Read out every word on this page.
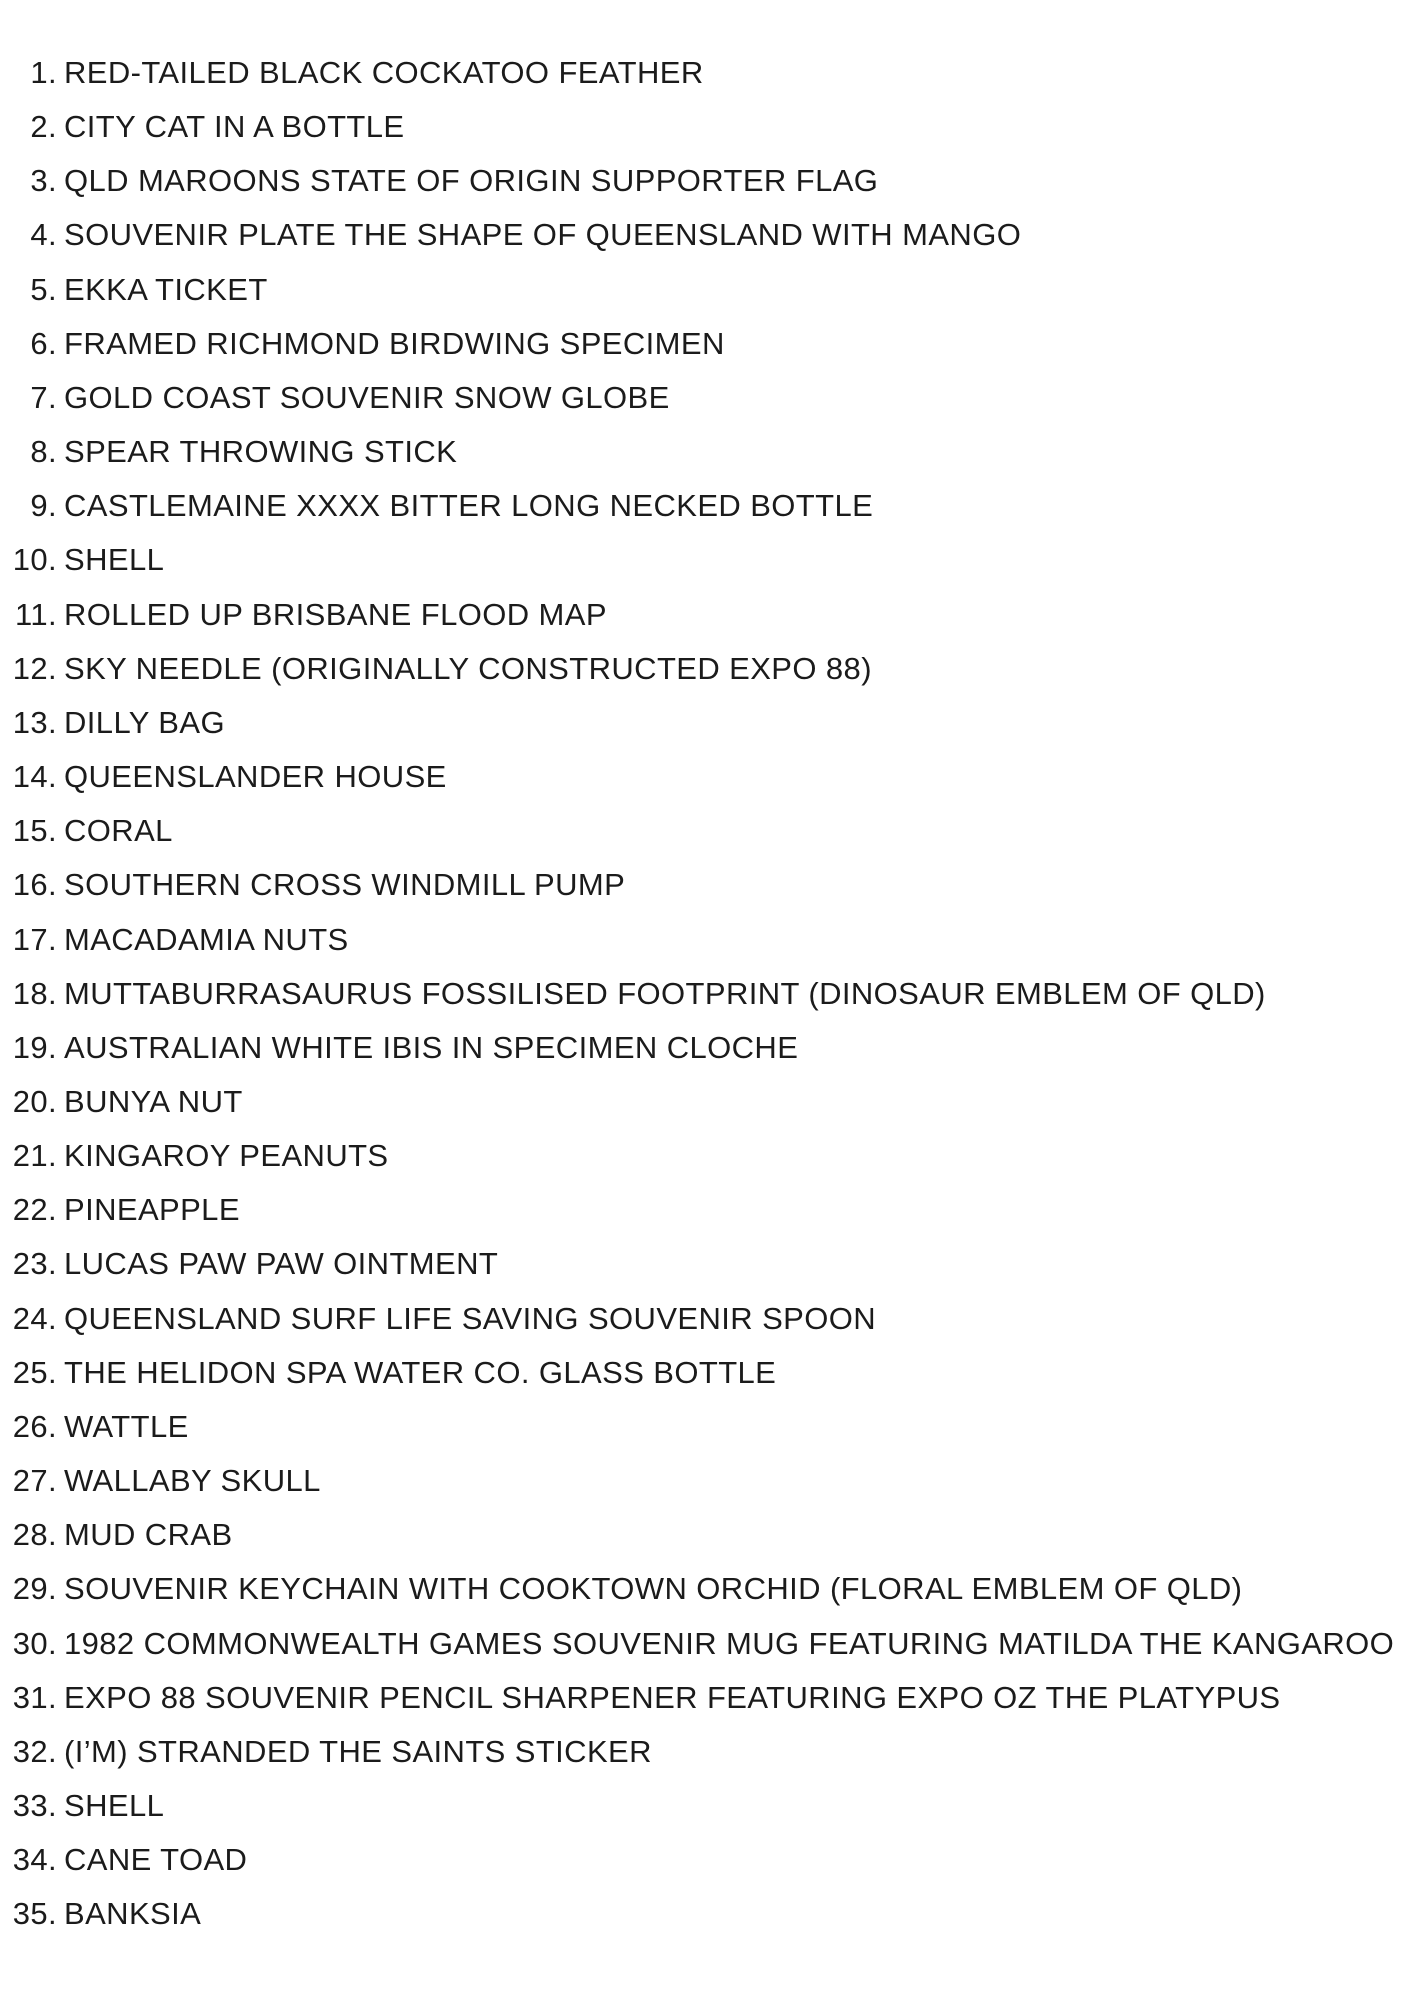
1. RED-TAILED BLACK COCKATOO FEATHER
2. CITY CAT IN A BOTTLE
3. QLD MAROONS STATE OF ORIGIN SUPPORTER FLAG
4. SOUVENIR PLATE THE SHAPE OF QUEENSLAND WITH MANGO
5. EKKA TICKET
6. FRAMED RICHMOND BIRDWING SPECIMEN
7. GOLD COAST SOUVENIR SNOW GLOBE
8. SPEAR THROWING STICK
9. CASTLEMAINE XXXX BITTER LONG NECKED BOTTLE
10. SHELL
11. ROLLED UP BRISBANE FLOOD MAP
12. SKY NEEDLE (ORIGINALLY CONSTRUCTED EXPO 88)
13. DILLY BAG
14. QUEENSLANDER HOUSE
15. CORAL
16. SOUTHERN CROSS WINDMILL PUMP
17. MACADAMIA NUTS
18. MUTTABURRASAURUS FOSSILISED FOOTPRINT (DINOSAUR EMBLEM OF QLD)
19. AUSTRALIAN WHITE IBIS IN SPECIMEN CLOCHE
20. BUNYA NUT
21. KINGAROY PEANUTS
22. PINEAPPLE
23. LUCAS PAW PAW OINTMENT
24. QUEENSLAND SURF LIFE SAVING SOUVENIR SPOON
25. THE HELIDON SPA WATER CO. GLASS BOTTLE
26. WATTLE
27. WALLABY SKULL
28. MUD CRAB
29. SOUVENIR KEYCHAIN WITH COOKTOWN ORCHID (FLORAL EMBLEM OF QLD)
30. 1982 COMMONWEALTH GAMES SOUVENIR MUG FEATURING MATILDA THE KANGAROO
31. EXPO 88 SOUVENIR PENCIL SHARPENER FEATURING EXPO OZ THE PLATYPUS
32. (I’M) STRANDED THE SAINTS STICKER
33. SHELL
34. CANE TOAD
35. BANKSIA
